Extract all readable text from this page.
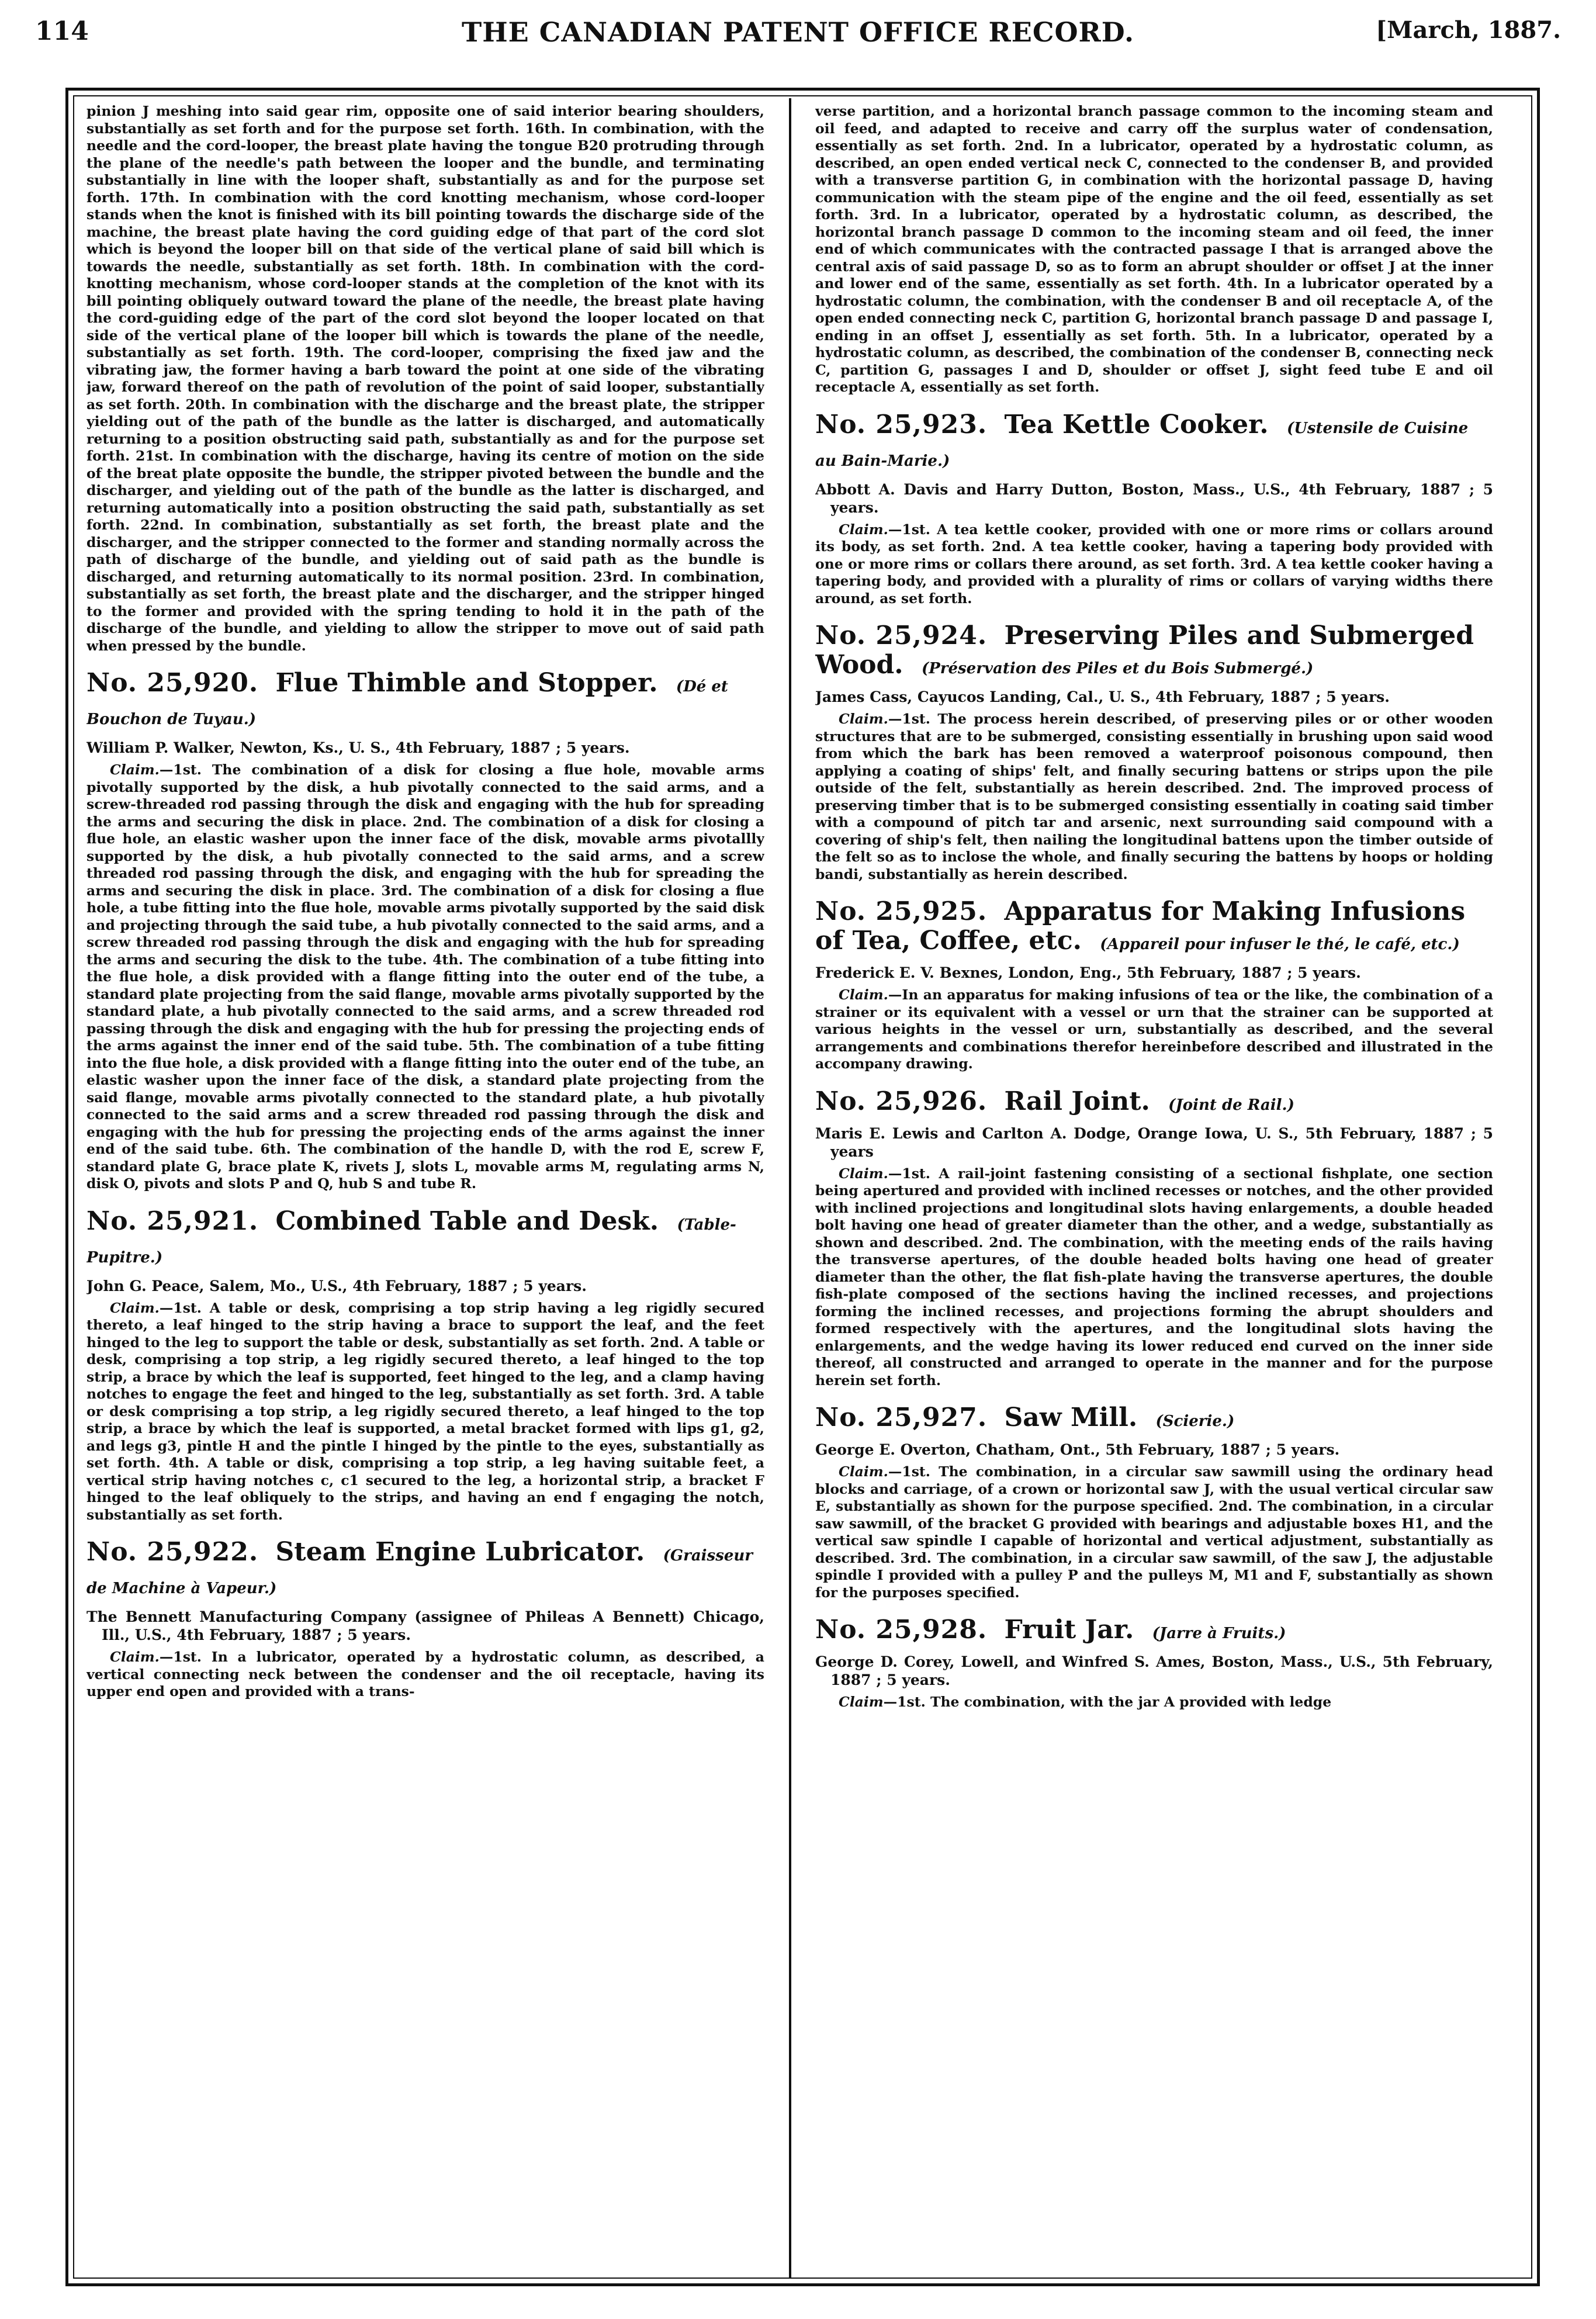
114	THE CANADIAN PATENT OFFICE RECORD.	[March, 1887.

pinion J meshing into said gear rim, opposite one of said interior bearing shoulders, substantially as set forth and for the purpose set forth. 16th. In combination, with the needle and the cord-looper, the breast plate having the tongue B20 protruding through the plane of the needle's path between the looper and the bundle, and terminating substantially in line with the looper shaft, substantially as and for the purpose set forth. 17th. In combination with the cord knotting mechanism, whose cord-looper stands when the knot is finished with its bill pointing towards the discharge side of the machine, the breast plate having the cord guiding edge of that part of the cord slot which is beyond the looper bill on that side of the vertical plane of said bill which is towards the needle, substantially as set forth. 18th. In combination with the cord-knotting mechanism, whose cord-looper stands at the completion of the knot with its bill pointing obliquely outward toward the plane of the needle, the breast plate having the cord-guiding edge of the part of the cord slot beyond the looper located on that side of the vertical plane of the looper bill which is towards the plane of the needle, substantially as set forth. 19th. The cord-looper, comprising the fixed jaw and the vibrating jaw, the former having a barb toward the point at one side of the vibrating jaw, forward thereof on the path of revolution of the point of said looper, substantially as set forth. 20th. In combination with the discharge and the breast plate, the stripper yielding out of the path of the bundle as the latter is discharged, and automatically returning to a position obstructing said path, substantially as and for the purpose set forth. 21st. In combination with the discharge, having its centre of motion on the side of the breat plate opposite the bundle, the stripper pivoted between the bundle and the discharger, and yielding out of the path of the bundle as the latter is discharged, and returning automatically into a position obstructing the said path, substantially as set forth. 22nd. In combination, substantially as set forth, the breast plate and the discharger, and the stripper connected to the former and standing normally across the path of discharge of the bundle, and yielding out of said path as the bundle is discharged, and returning automatically to its normal position. 23rd. In combination, substantially as set forth, the breast plate and the discharger, and the stripper hinged to the former and provided with the spring tending to hold it in the path of the discharge of the bundle, and yielding to allow the stripper to move out of said path when pressed by the bundle.

No. 25,920. Flue Thimble and Stopper. (Dé et Bouchon de Tuyau.)

William P. Walker, Newton, Ks., U. S., 4th February, 1887 ; 5 years.

Claim.—1st. The combination of a disk for closing a flue hole, movable arms pivotally supported by the disk, a hub pivotally connected to the said arms, and a screw-threaded rod passing through the disk and engaging with the hub for spreading the arms and securing the disk in place. 2nd. The combination of a disk for closing a flue hole, an elastic washer upon the inner face of the disk, movable arms pivotallly supported by the disk, a hub pivotally connected to the said arms, and a screw threaded rod passing through the disk, and engaging with the hub for spreading the arms and securing the disk in place. 3rd. The combination of a disk for closing a flue hole, a tube fitting into the flue hole, movable arms pivotally supported by the said disk and projecting through the said tube, a hub pivotally connected to the said arms, and a screw threaded rod passing through the disk and engaging with the hub for spreading the arms and securing the disk to the tube. 4th. The combination of a tube fitting into the flue hole, a disk provided with a flange fitting into the outer end of the tube, a standard plate projecting from the said flange, movable arms pivotally supported by the standard plate, a hub pivotally connected to the said arms, and a screw threaded rod passing through the disk and engaging with the hub for pressing the projecting ends of the arms against the inner end of the said tube. 5th. The combination of a tube fitting into the flue hole, a disk provided with a flange fitting into the outer end of the tube, an elastic washer upon the inner face of the disk, a standard plate projecting from the said flange, movable arms pivotally connected to the standard plate, a hub pivotally connected to the said arms and a screw threaded rod passing through the disk and engaging with the hub for pressing the projecting ends of the arms against the inner end of the said tube. 6th. The combination of the handle D, with the rod E, screw F, standard plate G, brace plate K, rivets J, slots L, movable arms M, regulating arms N, disk O, pivots and slots P and Q, hub S and tube R.

No. 25,921. Combined Table and Desk. (Table-Pupitre.)

John G. Peace, Salem, Mo., U.S., 4th February, 1887 ; 5 years.

Claim.—1st. A table or desk, comprising a top strip having a leg rigidly secured thereto, a leaf hinged to the strip having a brace to support the leaf, and the feet hinged to the leg to support the table or desk, substantially as set forth. 2nd. A table or desk, comprising a top strip, a leg rigidly secured thereto, a leaf hinged to the top strip, a brace by which the leaf is supported, feet hinged to the leg, and a clamp having notches to engage the feet and hinged to the leg, substantially as set forth. 3rd. A table or desk comprising a top strip, a leg rigidly secured thereto, a leaf hinged to the top strip, a brace by which the leaf is supported, a metal bracket formed with lips g1, g2, and legs g3, pintle H and the pintle I hinged by the pintle to the eyes, substantially as set forth. 4th. A table or disk, comprising a top strip, a leg having suitable feet, a vertical strip having notches c, c1 secured to the leg, a horizontal strip, a bracket F hinged to the leaf obliquely to the strips, and having an end f engaging the notch, substantially as set forth.

No. 25,922. Steam Engine Lubricator. (Graisseur de Machine à Vapeur.)

The Bennett Manufacturing Company (assignee of Phileas A Bennett) Chicago, Ill., U.S., 4th February, 1887 ; 5 years.

Claim.—1st. In a lubricator, operated by a hydrostatic column, as described, a vertical connecting neck between the condenser and the oil receptacle, having its upper end open and provided with a trans-

verse partition, and a horizontal branch passage common to the incoming steam and oil feed, and adapted to receive and carry off the surplus water of condensation, essentially as set forth. 2nd. In a lubricator, operated by a hydrostatic column, as described, an open ended vertical neck C, connected to the condenser B, and provided with a transverse partition G, in combination with the horizontal passage D, having communication with the steam pipe of the engine and the oil feed, essentially as set forth. 3rd. In a lubricator, operated by a hydrostatic column, as described, the horizontal branch passage D common to the incoming steam and oil feed, the inner end of which communicates with the contracted passage I that is arranged above the central axis of said passage D, so as to form an abrupt shoulder or offset J at the inner and lower end of the same, essentially as set forth. 4th. In a lubricator operated by a hydrostatic column, the combination, with the condenser B and oil receptacle A, of the open ended connecting neck C, partition G, horizontal branch passage D and passage I, ending in an offset J, essentially as set forth. 5th. In a lubricator, operated by a hydrostatic column, as described, the combination of the condenser B, connecting neck C, partition G, passages I and D, shoulder or offset J, sight feed tube E and oil receptacle A, essentially as set forth.

No. 25,923. Tea Kettle Cooker. (Ustensile de Cuisine au Bain-Marie.)

Abbott A. Davis and Harry Dutton, Boston, Mass., U.S., 4th February, 1887 ; 5 years.

Claim.—1st. A tea kettle cooker, provided with one or more rims or collars around its body, as set forth. 2nd. A tea kettle cooker, having a tapering body provided with one or more rims or collars there around, as set forth. 3rd. A tea kettle cooker having a tapering body, and provided with a plurality of rims or collars of varying widths there around, as set forth.

No. 25,924. Preserving Piles and Submerged Wood. (Préservation des Piles et du Bois Submergé.)

James Cass, Cayucos Landing, Cal., U. S., 4th February, 1887 ; 5 years.

Claim.—1st. The process herein described, of preserving piles or or other wooden structures that are to be submerged, consisting essentially in brushing upon said wood from which the bark has been removed a waterproof poisonous compound, then applying a coating of ships' felt, and finally securing battens or strips upon the pile outside of the felt, substantially as herein described. 2nd. The improved process of preserving timber that is to be submerged consisting essentially in coating said timber with a compound of pitch tar and arsenic, next surrounding said compound with a covering of ship's felt, then nailing the longitudinal battens upon the timber outside of the felt so as to inclose the whole, and finally securing the battens by hoops or holding bandi, substantially as herein described.

No. 25,925. Apparatus for Making Infusions of Tea, Coffee, etc. (Appareil pour infuser le thé, le café, etc.)

Frederick E. V. Bexnes, London, Eng., 5th February, 1887 ; 5 years.

Claim.—In an apparatus for making infusions of tea or the like, the combination of a strainer or its equivalent with a vessel or urn that the strainer can be supported at various heights in the vessel or urn, substantially as described, and the several arrangements and combinations therefor hereinbefore described and illustrated in the accompany drawing.

No. 25,926. Rail Joint. (Joint de Rail.)

Maris E. Lewis and Carlton A. Dodge, Orange Iowa, U. S., 5th February, 1887 ; 5 years

Claim.—1st. A rail-joint fastening consisting of a sectional fishplate, one section being apertured and provided with inclined recesses or notches, and the other provided with inclined projections and longitudinal slots having enlargements, a double headed bolt having one head of greater diameter than the other, and a wedge, substantially as shown and described. 2nd. The combination, with the meeting ends of the rails having the transverse apertures, of the double headed bolts having one head of greater diameter than the other, the flat fish-plate having the transverse apertures, the double fish-plate composed of the sections having the inclined recesses, and projections forming the inclined recesses, and projections forming the abrupt shoulders and formed respectively with the apertures, and the longitudinal slots having the enlargements, and the wedge having its lower reduced end curved on the inner side thereof, all constructed and arranged to operate in the manner and for the purpose herein set forth.

No. 25,927. Saw Mill. (Scierie.)

George E. Overton, Chatham, Ont., 5th February, 1887 ; 5 years.

Claim.—1st. The combination, in a circular saw sawmill using the ordinary head blocks and carriage, of a crown or horizontal saw J, with the usual vertical circular saw E, substantially as shown for the purpose specified. 2nd. The combination, in a circular saw sawmill, of the bracket G provided with bearings and adjustable boxes H1, and the vertical saw spindle I capable of horizontal and vertical adjustment, substantially as described. 3rd. The combination, in a circular saw sawmill, of the saw J, the adjustable spindle I provided with a pulley P and the pulleys M, M1 and F, substantially as shown for the purposes specified.

No. 25,928. Fruit Jar. (Jarre à Fruits.)

George D. Corey, Lowell, and Winfred S. Ames, Boston, Mass., U.S., 5th February, 1887 ; 5 years.

Claim—1st. The combination, with the jar A provided with ledge
